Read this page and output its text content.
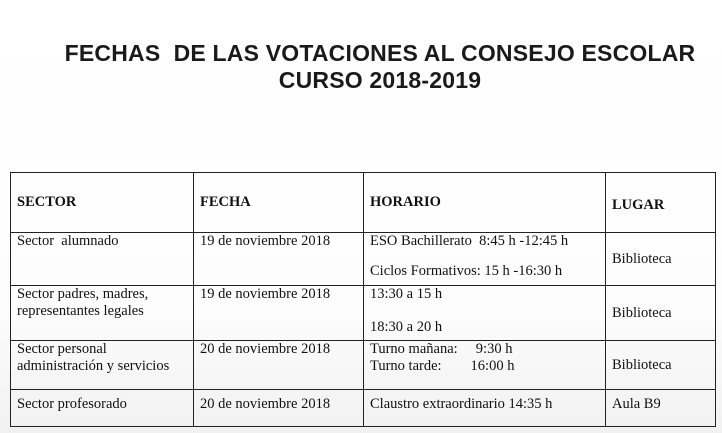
FECHAS  DE LAS VOTACIONES AL CONSEJO ESCOLAR
CURSO 2018-2019
SECTOR	FECHA	HORARIO	LUGAR

Sector  alumnado	19 de noviembre 2018	ESO Bachillerato  8:45 h -12:45 h
Ciclos Formativos: 15 h -16:30 h	Biblioteca

Sector padres, madres,
representantes legales	19 de noviembre 2018	13:30 a 15 h
18:30 a 20 h	Biblioteca

Sector personal
administración y servicios	20 de noviembre 2018	Turno mañana:     9:30 h
Turno tarde:        16:00 h	Biblioteca

Sector profesorado	20 de noviembre 2018	Claustro extraordinario 14:35 h	Aula B9
